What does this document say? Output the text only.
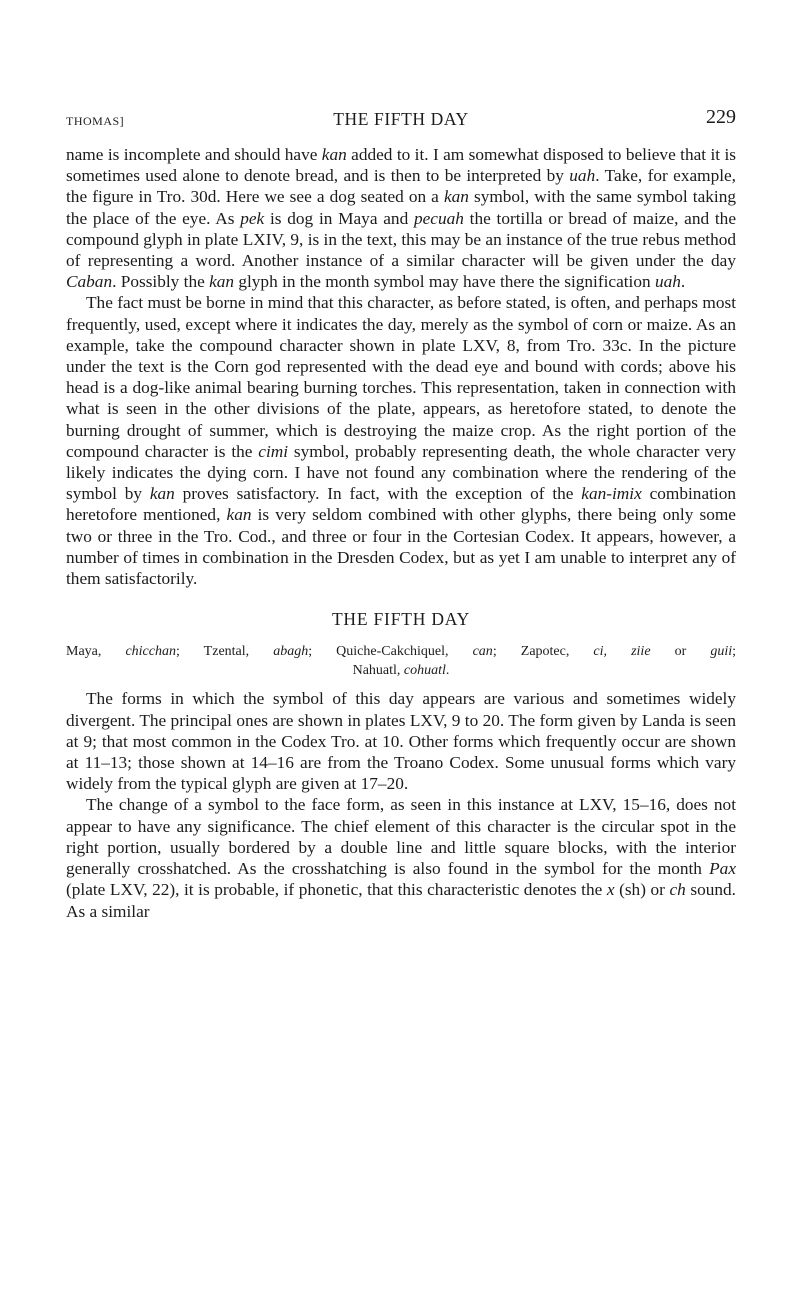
THOMAS]	THE FIFTH DAY	229

name is incomplete and should have kan added to it. I am somewhat disposed to believe that it is sometimes used alone to denote bread, and is then to be interpreted by uah. Take, for example, the figure in Tro. 30d. Here we see a dog seated on a kan symbol, with the same symbol taking the place of the eye. As pek is dog in Maya and pecuah the tortilla or bread of maize, and the compound glyph in plate LXIV, 9, is in the text, this may be an instance of the true rebus method of representing a word. Another instance of a similar character will be given under the day Caban. Possibly the kan glyph in the month symbol may have there the signification uah.

The fact must be borne in mind that this character, as before stated, is often, and perhaps most frequently, used, except where it indicates the day, merely as the symbol of corn or maize. As an example, take the compound character shown in plate LXV, 8, from Tro. 33c. In the picture under the text is the Corn god represented with the dead eye and bound with cords; above his head is a dog-like animal bearing burning torches. This representation, taken in connection with what is seen in the other divisions of the plate, appears, as heretofore stated, to denote the burning drought of summer, which is destroying the maize crop. As the right portion of the compound character is the cimi symbol, probably representing death, the whole character very likely indicates the dying corn. I have not found any combination where the rendering of the symbol by kan proves satisfactory. In fact, with the exception of the kan-imix combination heretofore mentioned, kan is very seldom combined with other glyphs, there being only some two or three in the Tro. Cod., and three or four in the Cortesian Codex. It appears, however, a number of times in combination in the Dresden Codex, but as yet I am unable to interpret any of them satisfactorily.

THE FIFTH DAY
Maya, chicchan; Tzental, abagh; Quiche-Cakchiquel, can; Zapotec, ci, ziie or guii;
Nahuatl, cohuatl.

The forms in which the symbol of this day appears are various and sometimes widely divergent. The principal ones are shown in plates LXV, 9 to 20. The form given by Landa is seen at 9; that most common in the Codex Tro. at 10. Other forms which frequently occur are shown at 11–13; those shown at 14–16 are from the Troano Codex. Some unusual forms which vary widely from the typical glyph are given at 17–20.

The change of a symbol to the face form, as seen in this instance at LXV, 15–16, does not appear to have any significance. The chief element of this character is the circular spot in the right portion, usually bordered by a double line and little square blocks, with the interior generally crosshatched. As the crosshatching is also found in the symbol for the month Pax (plate LXV, 22), it is probable, if phonetic, that this characteristic denotes the x (sh) or ch sound. As a similar
